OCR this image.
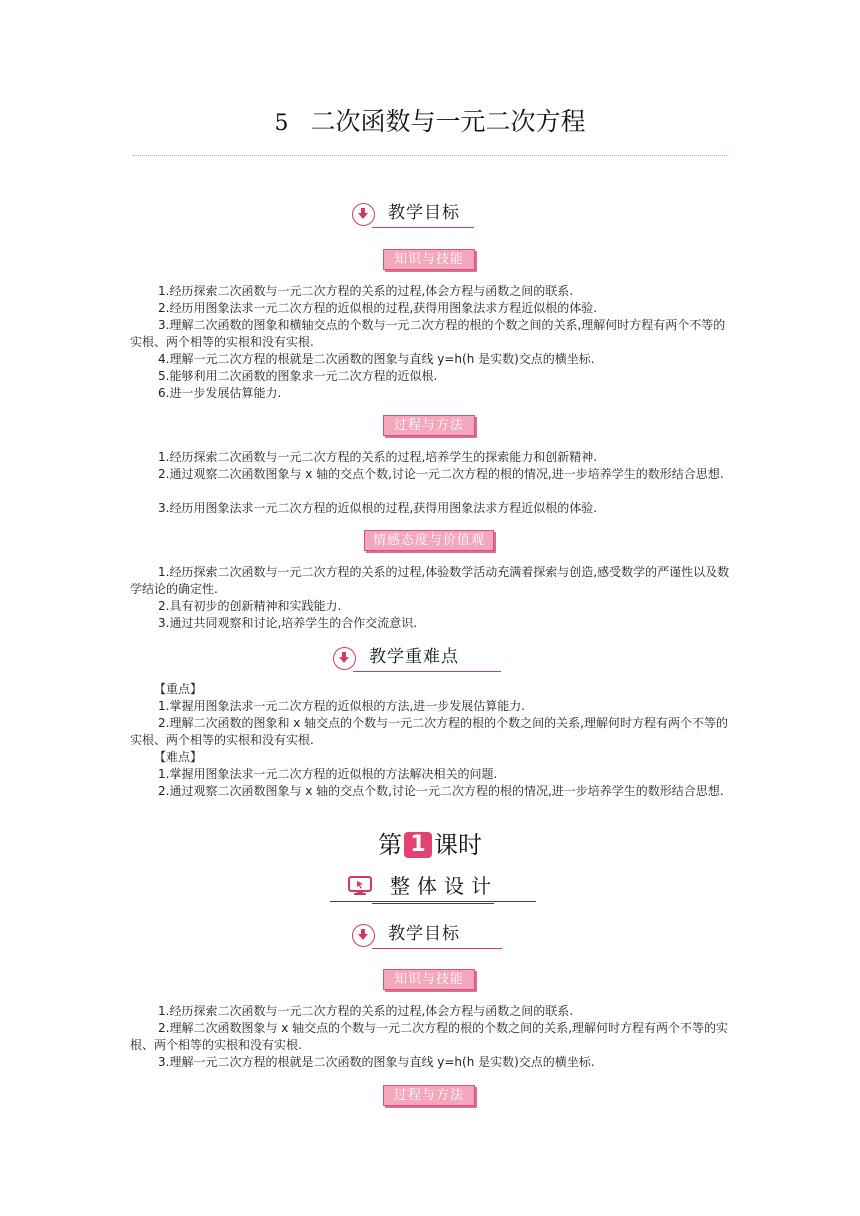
5 二次函数与一元二次方程
教学目标
知识与技能
1.经历探索二次函数与一元二次方程的关系的过程,体会方程与函数之间的联系.
2.经历用图象法求一元二次方程的近似根的过程,获得用图象法求方程近似根的体验.
3.理解二次函数的图象和横轴交点的个数与一元二次方程的根的个数之间的关系,理解何时方程有两个不等的实根、两个相等的实根和没有实根.
4.理解一元二次方程的根就是二次函数的图象与直线 y=h(h 是实数)交点的横坐标.
5.能够利用二次函数的图象求一元二次方程的近似根.
6.进一步发展估算能力.
过程与方法
1.经历探索二次函数与一元二次方程的关系的过程,培养学生的探索能力和创新精神.
2.通过观察二次函数图象与 x 轴的交点个数,讨论一元二次方程的根的情况,进一步培养学生的数形结合思想.
3.经历用图象法求一元二次方程的近似根的过程,获得用图象法求方程近似根的体验.
情感态度与价值观
1.经历探索二次函数与一元二次方程的关系的过程,体验数学活动充满着探索与创造,感受数学的严谨性以及数学结论的确定性.
2.具有初步的创新精神和实践能力.
3.通过共同观察和讨论,培养学生的合作交流意识.
教学重难点
【重点】
1.掌握用图象法求一元二次方程的近似根的方法,进一步发展估算能力.
2.理解二次函数的图象和 x 轴交点的个数与一元二次方程的根的个数之间的关系,理解何时方程有两个不等的实根、两个相等的实根和没有实根.
【难点】
1.掌握用图象法求一元二次方程的近似根的方法解决相关的问题.
2.通过观察二次函数图象与 x 轴的交点个数,讨论一元二次方程的根的情况,进一步培养学生的数形结合思想.
第 1 课时
整体设计
教学目标
知识与技能
1.经历探索二次函数与一元二次方程的关系的过程,体会方程与函数之间的联系.
2.理解二次函数图象与 x 轴交点的个数与一元二次方程的根的个数之间的关系,理解何时方程有两个不等的实根、两个相等的实根和没有实根.
3.理解一元二次方程的根就是二次函数的图象与直线 y=h(h 是实数)交点的横坐标.
过程与方法
